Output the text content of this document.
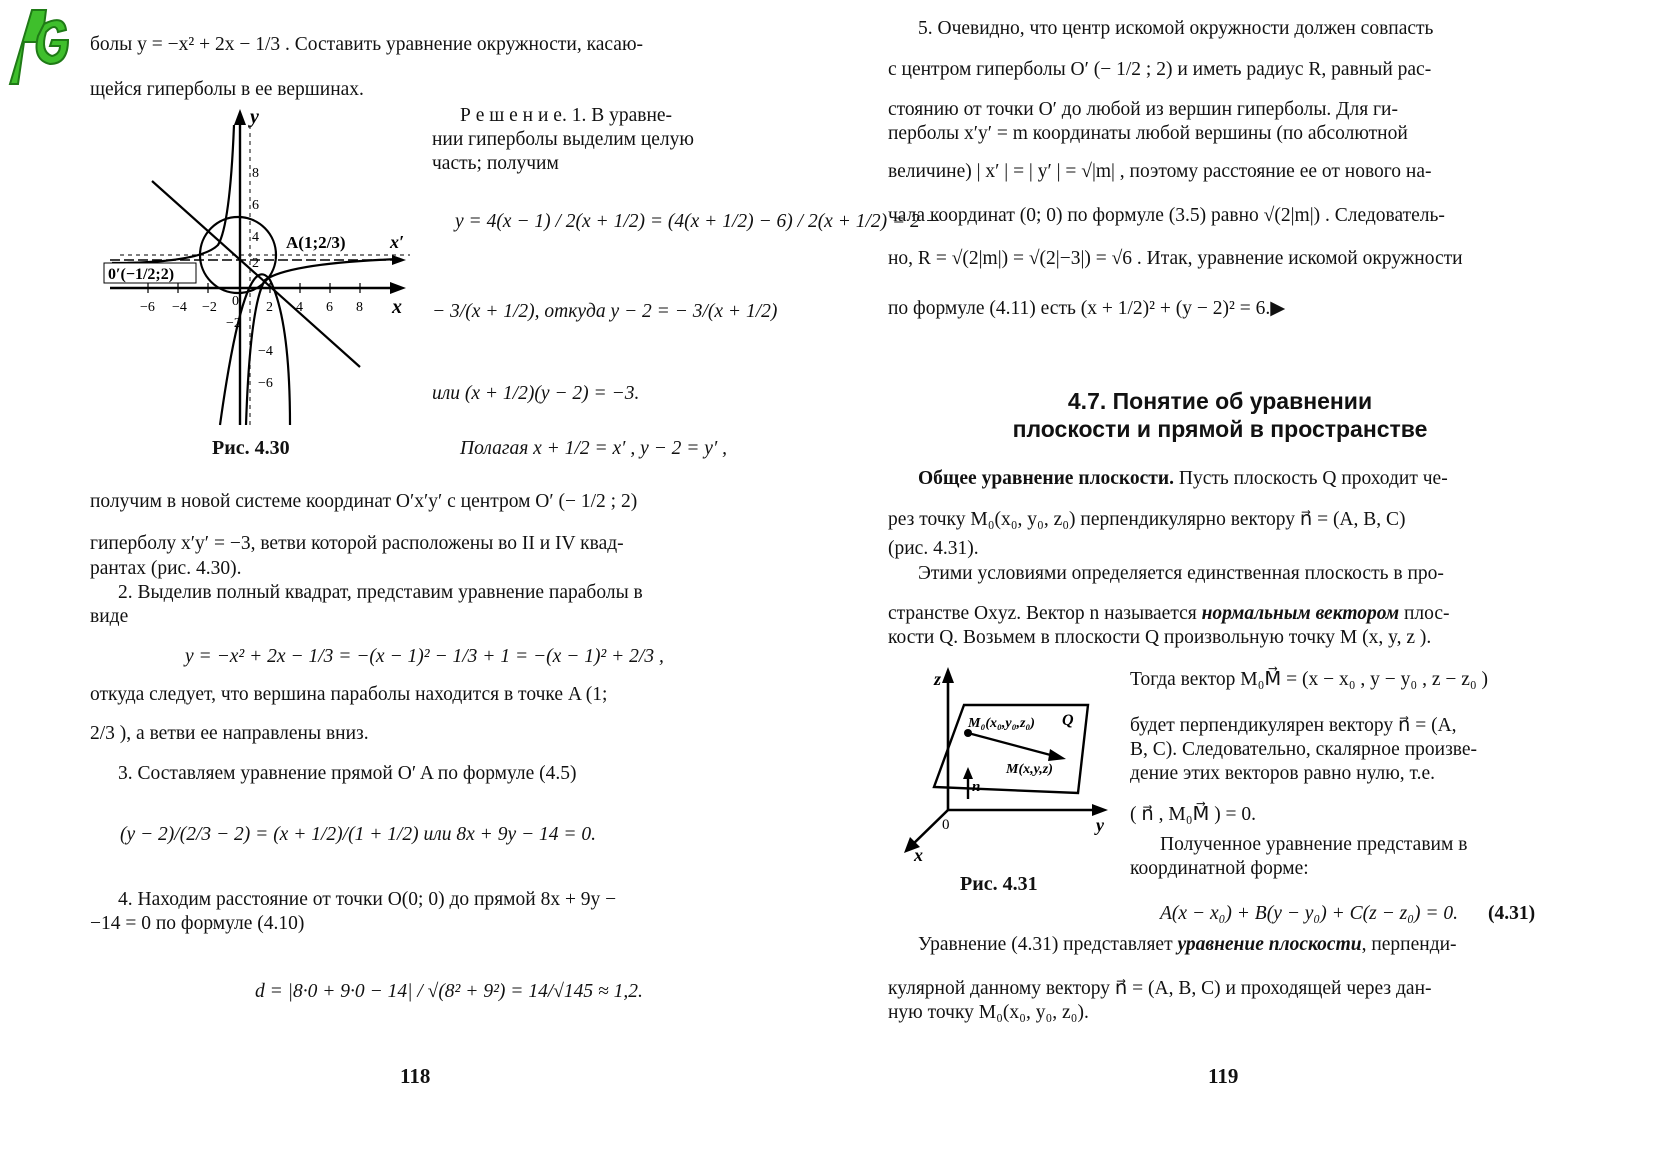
болы y = −x² + 2x − 1/3 . Составить уравнение окружности, касаю-
щейся гиперболы в ее вершинах.
y
x
x′
A(1;2/3)
0′(−1/2;2)
8
6
4
2
−2
−4
−6
−6 −4 −2 0 2 4 6 8
Рис. 4.30
Р е ш е н и е. 1. В уравне-
нии гиперболы выделим целую
часть; получим
y = 4(x − 1) / 2(x + 1/2) = (4(x + 1/2) − 6) / 2(x + 1/2) = 2 −
− 3/(x + 1/2), откуда y − 2 = − 3/(x + 1/2)
или (x + 1/2)(y − 2) = −3.
Полагая x + 1/2 = x′ , y − 2 = y′ ,
получим в новой системе координат O′x′y′ с центром O′ (− 1/2 ; 2)
гиперболу x′y′ = −3, ветви которой расположены во II и IV квад-
рантах (рис. 4.30).
2. Выделив полный квадрат, представим уравнение параболы в
виде
y = −x² + 2x − 1/3 = −(x − 1)² − 1/3 + 1 = −(x − 1)² + 2/3 ,
откуда следует, что вершина параболы находится в точке A (1;
2/3 ), а ветви ее направлены вниз.
3. Составляем уравнение прямой O′ A по формуле (4.5)
(y − 2)/(2/3 − 2) = (x + 1/2)/(1 + 1/2) или 8x + 9y − 14 = 0.
4. Находим расстояние от точки O(0; 0) до прямой 8x + 9y −
−14 = 0 по формуле (4.10)
d = |8·0 + 9·0 − 14| / √(8² + 9²) = 14/√145 ≈ 1,2.
118
5. Очевидно, что центр искомой окружности должен совпасть
с центром гиперболы O′ (− 1/2 ; 2) и иметь радиус R, равный рас-
стоянию от точки O′ до любой из вершин гиперболы. Для ги-
перболы x′y′ = m координаты любой вершины (по абсолютной
величине) | x′ | = | y′ | = √|m| , поэтому расстояние ее от нового на-
чала координат (0; 0) по формуле (3.5) равно √(2|m|) . Следователь-
но, R = √(2|m|) = √(2|−3|) = √6 . Итак, уравнение искомой окружности
по формуле (4.11) есть (x + 1/2)² + (y − 2)² = 6.▶
4.7. Понятие об уравнении
плоскости и прямой в пространстве
Общее уравнение плоскости. Пусть плоскость Q проходит че-
рез точку M₀(x₀, y₀, z₀) перпендикулярно вектору n⃗ = (A, B, C)
(рис. 4.31).
Этими условиями определяется единственная плоскость в про-
странстве Oxyz. Вектор n называется нормальным вектором плос-
кости Q. Возьмем в плоскости Q произвольную точку M (x, y, z ).
z
y
x
0
n⃗
Q
M₀(x₀,y₀,z₀)
M(x,y,z)
Рис. 4.31
Тогда вектор M₀M⃗ = (x − x₀ , y − y₀ , z − z₀ )
будет перпендикулярен вектору n⃗ = (A,
B, C). Следовательно, скалярное произве-
дение этих векторов равно нулю, т.е.
( n⃗ , M₀M⃗ ) = 0.
Полученное уравнение представим в
координатной форме:
A(x − x₀) + B(y − y₀) + C(z − z₀) = 0. (4.31)
Уравнение (4.31) представляет уравнение плоскости, перпенди-
кулярной данному вектору n⃗ = (A, B, C) и проходящей через дан-
ную точку M₀(x₀, y₀, z₀).
119
